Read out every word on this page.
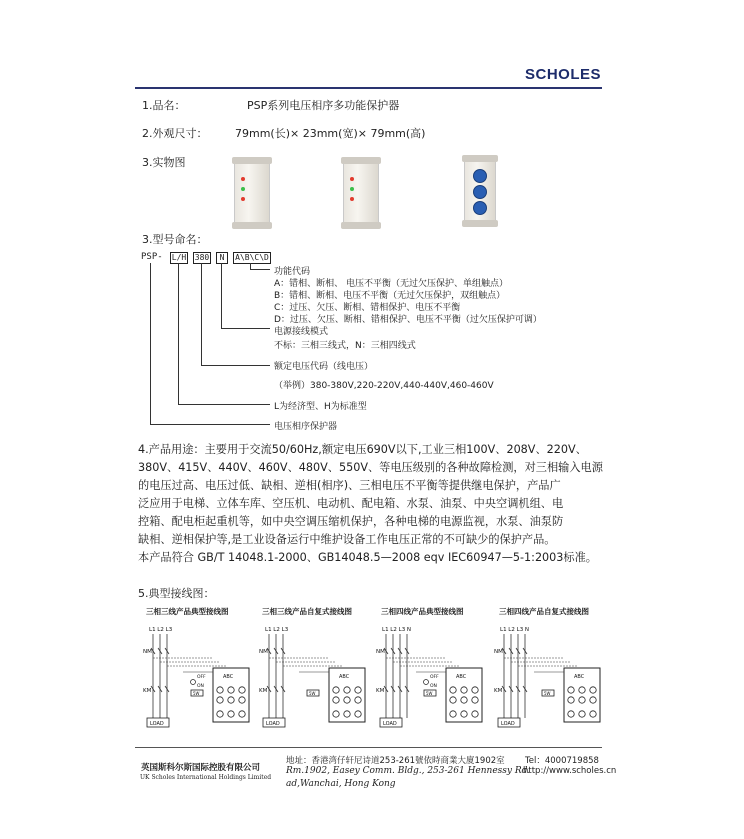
SCHOLES
1.品名：	PSP系列电压相序多功能保护器
2.外观尺寸：	79mm(长)× 23mm(宽)× 79mm(高)
3.实物图
3.型号命名：
PSP- L/H 380	N	A\B\C\D
功能代码
A：错相、断相、 电压不平衡（无过欠压保护、单组触点）
B：错相、断相、电压不平衡（无过欠压保护，双组触点）
C：过压、欠压、断相、错相保护、电压不平衡
D：过压、欠压、断相、错相保护、电压不平衡（过欠压保护可调）
电源接线模式
不标：三相三线式，N：三相四线式
额定电压代码（线电压）
（举例）380-380V,220-220V,440-440V,460-460V
L为经济型、H为标准型
电压相序保护器
4.产品用途：主要用于交流50/60Hz,额定电压690V以下,工业三相100V、208V、220V、
380V、415V、440V、460V、480V、550V、等电压级别的各种故障检测，对三相输入电源
的电压过高、电压过低、缺相、逆相(相序)、三相电压不平衡等提供继电保护，产品广
泛应用于电梯、立体车库、空压机、电动机、配电箱、水泵、油泵、中央空调机组、电
控箱、配电柜起重机等，如中央空调压缩机保护，各种电梯的电源监视，水泵、油泵防
缺相、逆相保护等,是工业设备运行中维护设备工作电压正常的不可缺少的保护产品。
本产品符合 GB/T 14048.1-2000、GB14048.5—2008 eqv IEC60947—5-1:2003标准。
5.典型接线图：
三相三线产品典型接线图	三相三线产品自复式接线图	三相四线产品典型接线图	三相四线产品自复式接线图
L1 L2 L3
NM
KM
ABC
OFF
ON
5W
LOAD
L1 L2 L3
NM
KM
ABC
5W
LOAD
L1 L2 L3 N
NM
KM
ABC
OFF
ON
5W
LOAD
L1 L2 L3 N
NM
KM
ABC
5W
LOAD
英国斯科尔斯国际控股有限公司
UK Scholes International Holdings Limited
地址：香港湾仔轩尼诗道253-261號依時商業大廈1902室
Rm.1902, Easey Comm. Bldg., 253-261 Hennessy Rd.
ad,Wanchai, Hong Kong
Tel：4000719858
http://www.scholes.cn
